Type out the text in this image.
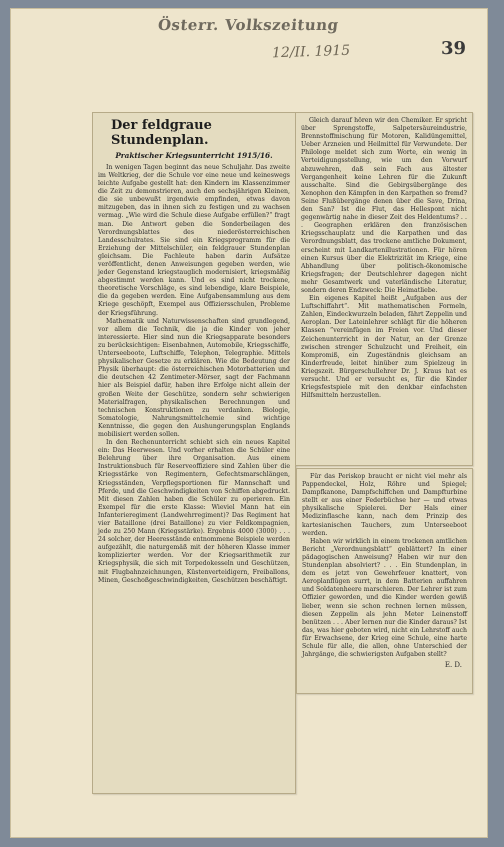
Österr. Volkszeitung
39
12/II. 1915
Der feldgraue Stundenplan.
Praktischer Kriegsunterricht 1915/16.

In wenigen Tagen beginnt das neue Schuljahr. Das zweite im Weltkrieg, der die Schule vor eine neue und keineswegs leichte Aufgabe gestellt hat: den Kindern im Klassenzimmer die Zeit zu demonstrieren, auch den sechsjährigen Kleinen, die sie unbewußt irgendwie empfinden, etwas davon mitzugeben, das in ihnen sich zu festigen und zu wachsen vermag. „Wie wird die Schule diese Aufgabe erfüllen?“ fragt man. Die Antwort geben die Sonderbeilagen des Verordnungsblattes des niederösterreichischen Landesschulrates. Sie sind ein Kriegsprogramm für die Erziehung der Mittelschüler, ein feldgrauer Stundenplan gleichsam. Die Fachleute haben darin Aufsätze veröffentlicht, denen Anweisungen gegeben werden, wie jeder Gegenstand kriegstauglich modernisiert, kriegsmäßig abgestimmt werden kann. Und es sind nicht trockene, theoretische Vorschläge, es sind lebendige, klare Beispiele, die da gegeben werden. Eine Aufgabensammlung aus dem Kriege geschöpft, Exempel aus Offiziersschulen, Probleme der Kriegsführung.

Mathematik und Naturwissenschaften sind grundlegend, vor allem die Technik, die ja die Kinder von jeher interessierte. Hier sind nun die Kriegsapparate besonders zu berücksichtigen: Eisenbahnen, Automobile, Kriegsschiffe, Unterseeboote, Luftschiffe, Telephon, Telegraphie. Mittels physikalischer Gesetze zu erklären. Wie die Bedeutung der Physik überhaupt: die österreichischen Motorbatterien und die deutschen 42 Zentimeter-Mörser, sagt der Fachmann hier als Beispiel dafür, haben ihre Erfolge nicht allein der großen Weite der Geschütze, sondern sehr schwierigen Materialfragen, physikalischen Berechnungen und technischen Konstruktionen zu verdanken. Biologie, Somatologie, Nahrungsmittelchemie sind wichtige Kenntnisse, die gegen den Aushungerungsplan Englands mobilisiert werden sollen.

In den Rechenunterricht schiebt sich ein neues Kapitel ein: Das Heerwesen. Und vorher erhalten die Schüler eine Belehrung über ihre Organisation. Aus einem Instruktionsbuch für Reserveoffiziere sind Zahlen über die Kriegsstärke von Regimentern, Gefechtsmarschlängen, Kriegsständen, Verpflegsportionen für Mannschaft und Pferde, und die Geschwindigkeiten von Schiffen abgedruckt. Mit diesen Zahlen haben die Schüler zu operieren. Ein Exempel für die erste Klasse: Wieviel Mann hat ein Infanterieregiment (Landwehrregiment)? Das Regiment hat vier Bataillone (drei Bataillone) zu vier Feldkompagnien, jede zu 250 Mann (Kriegsstärke). Ergebnis 4000 (3000) . . . 24 solcher, der Heeresstände entnommene Beispiele werden aufgezählt, die naturgemäß mit der höheren Klasse immer komplizierter werden. Vor der Kriegsarithmetik zur Kriegsphysik, die sich mit Torpedokesseln und Geschützen, mit Flugbahnzeichnungen, Küstenverteidigern, Freiballons, Minen, Geschoßgeschwindigkeiten, Geschützen beschäftigt.

Gleich darauf hören wir den Chemiker. Er spricht über Sprengstoffe, Salpetersäureindustrie, Brennstoffmischung für Motoren, Kalidüngemittel, Ueber Arzneien und Heilmittel für Verwundete. Der Philologe meldet sich zum Worte, ein wenig in Verteidigungsstellung, wie um den Vorwurf abzuwehren, daß sein Fach aus ältester Vergangenheit keine Lehren für die Zukunft ausschalte. Sind die Gebirgsübergänge des Xenophon den Kämpfen in den Karpathen so fremd? Seine Flußübergänge denen über die Save, Drina, den San? Ist die Flut, das Hellespont nicht gegenwärtig nahe in dieser Zeit des Heldentums? . . . Geographen erklären den französischen Kriegsschauplatz und die Karpathen und das Verordnungsblatt, das trockene amtliche Dokument, erscheint mit Landkartenillustrationen. Für hören einen Kursus über die Elektrizität im Kriege, eine Abhandlung über politisch-ökonomische Kriegsfragen; der Deutschlehrer dagegen nicht mehr Gesamtwerk und vaterländische Literatur, sondern deren Endzweck: Die Heimatliebe.

Ein eigenes Kapitel heißt „Aufgaben aus der Luftschiffahrt“. Mit mathematischen Formeln, Zahlen, Eindeckwurzeln beladen, fährt Zeppelin und Aeroplan. Der Lateinlehrer schlägt für die höheren Klassen ”vereinfügen im Freien vor. Und dieser Zeichenunterricht in der Natur, an der Grenze zwischen strenger Schulzucht und Freiheit, ein Kompromiß, ein Zugeständnis gleichsam an Kinderfreude, leitet hinüber zum Spielzeug in Kriegszeit. Bürgerschullehrer Dr. J. Kraus hat es versucht. Und er versucht es, für die Kinder Kriegsfestspiele mit den denkbar einfachsten Hilfsmitteln herzustellen.

Für das Periskop braucht er nicht viel mehr als Pappendeckel, Holz, Röhre und Spiegel; Dampfkanone, Dampfschiffchen und Dampfturbine stellt er aus einer Federbüchse her — und etwas physikalische Spielerei. Der Hals einer Medizinflasche kann, nach dem Prinzip des kartesianischen Tauchers, zum Unterseeboot werden.

Haben wir wirklich in einem trockenen amtlichen Bericht „Verordnungsblatt“ geblättert? In einer pädagogischen Anweisung? Haben wir nur den Stundenplan absolviert? . . . Ein Stundenplan, in dem es jetzt von Gewehrfeuer knattert, von Aeroplanflügen surrt, in dem Batterien auffahren und Soldatenheere marschieren. Der Lehrer ist zum Offizier geworden, und die Kinder werden gewiß lieber, wenn sie schon rechnen lernen müssen, diesen Zeppelin als jehn Meter Leinenstoff benützen . . . Aber lernen nur die Kinder daraus? Ist das, was hier geboten wird, nicht ein Lehrstoff auch für Erwachsene, der Krieg eine Schule, eine harte Schule für alle, die allen, ohne Unterschied der Jahrgänge, die schwierigsten Aufgaben stellt?

E. D.
